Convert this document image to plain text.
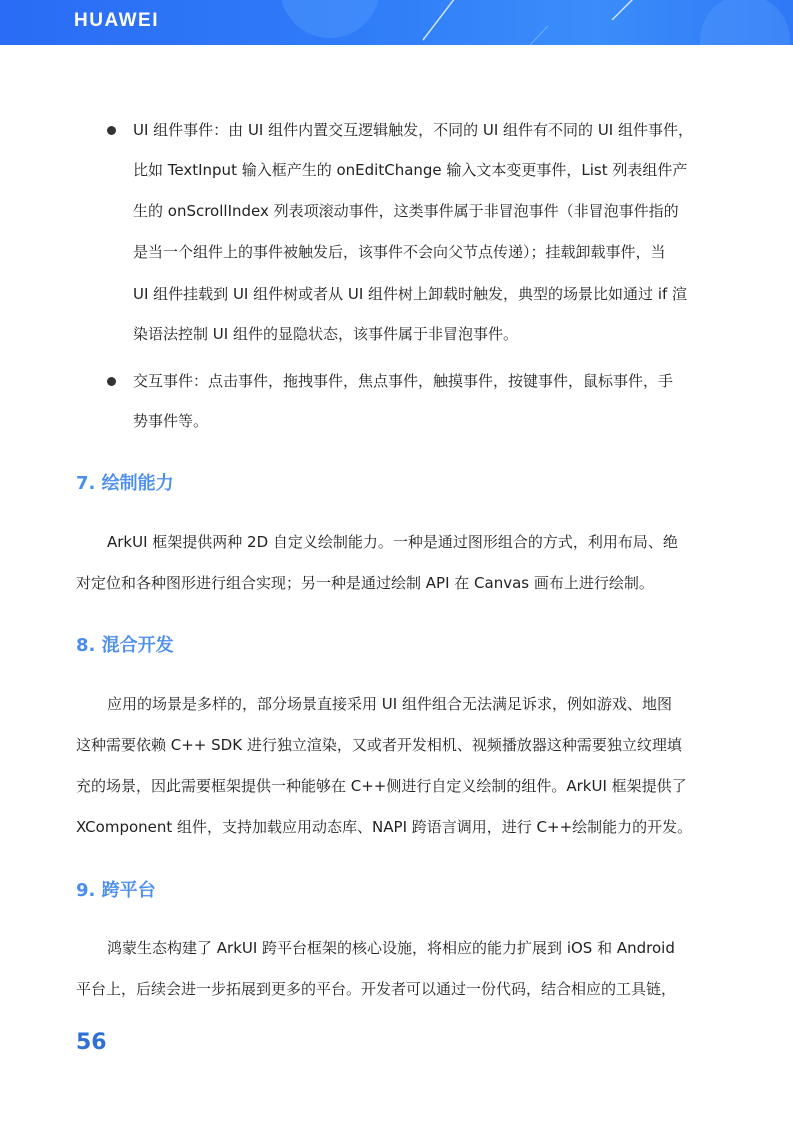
HUAWEI
UI 组件事件：由 UI 组件内置交互逻辑触发，不同的 UI 组件有不同的 UI 组件事件，
比如 TextInput 输入框产生的 onEditChange 输入文本变更事件，List 列表组件产
生的 onScrollIndex 列表项滚动事件，这类事件属于非冒泡事件（非冒泡事件指的
是当一个组件上的事件被触发后，该事件不会向父节点传递）；挂载卸载事件，当
UI 组件挂载到 UI 组件树或者从 UI 组件树上卸载时触发，典型的场景比如通过 if 渲
染语法控制 UI 组件的显隐状态，该事件属于非冒泡事件。
交互事件：点击事件，拖拽事件，焦点事件，触摸事件，按键事件，鼠标事件，手
势事件等。
7. 绘制能力
ArkUI 框架提供两种 2D 自定义绘制能力。一种是通过图形组合的方式，利用布局、绝
对定位和各种图形进行组合实现；另一种是通过绘制 API 在 Canvas 画布上进行绘制。
8. 混合开发
应用的场景是多样的，部分场景直接采用 UI 组件组合无法满足诉求，例如游戏、地图
这种需要依赖 C++ SDK 进行独立渲染，又或者开发相机、视频播放器这种需要独立纹理填
充的场景，因此需要框架提供一种能够在 C++侧进行自定义绘制的组件。ArkUI 框架提供了
XComponent 组件，支持加载应用动态库、NAPI 跨语言调用，进行 C++绘制能力的开发。
9. 跨平台
鸿蒙生态构建了 ArkUI 跨平台框架的核心设施，将相应的能力扩展到 iOS 和 Android
平台上，后续会进一步拓展到更多的平台。开发者可以通过一份代码，结合相应的工具链，
56
